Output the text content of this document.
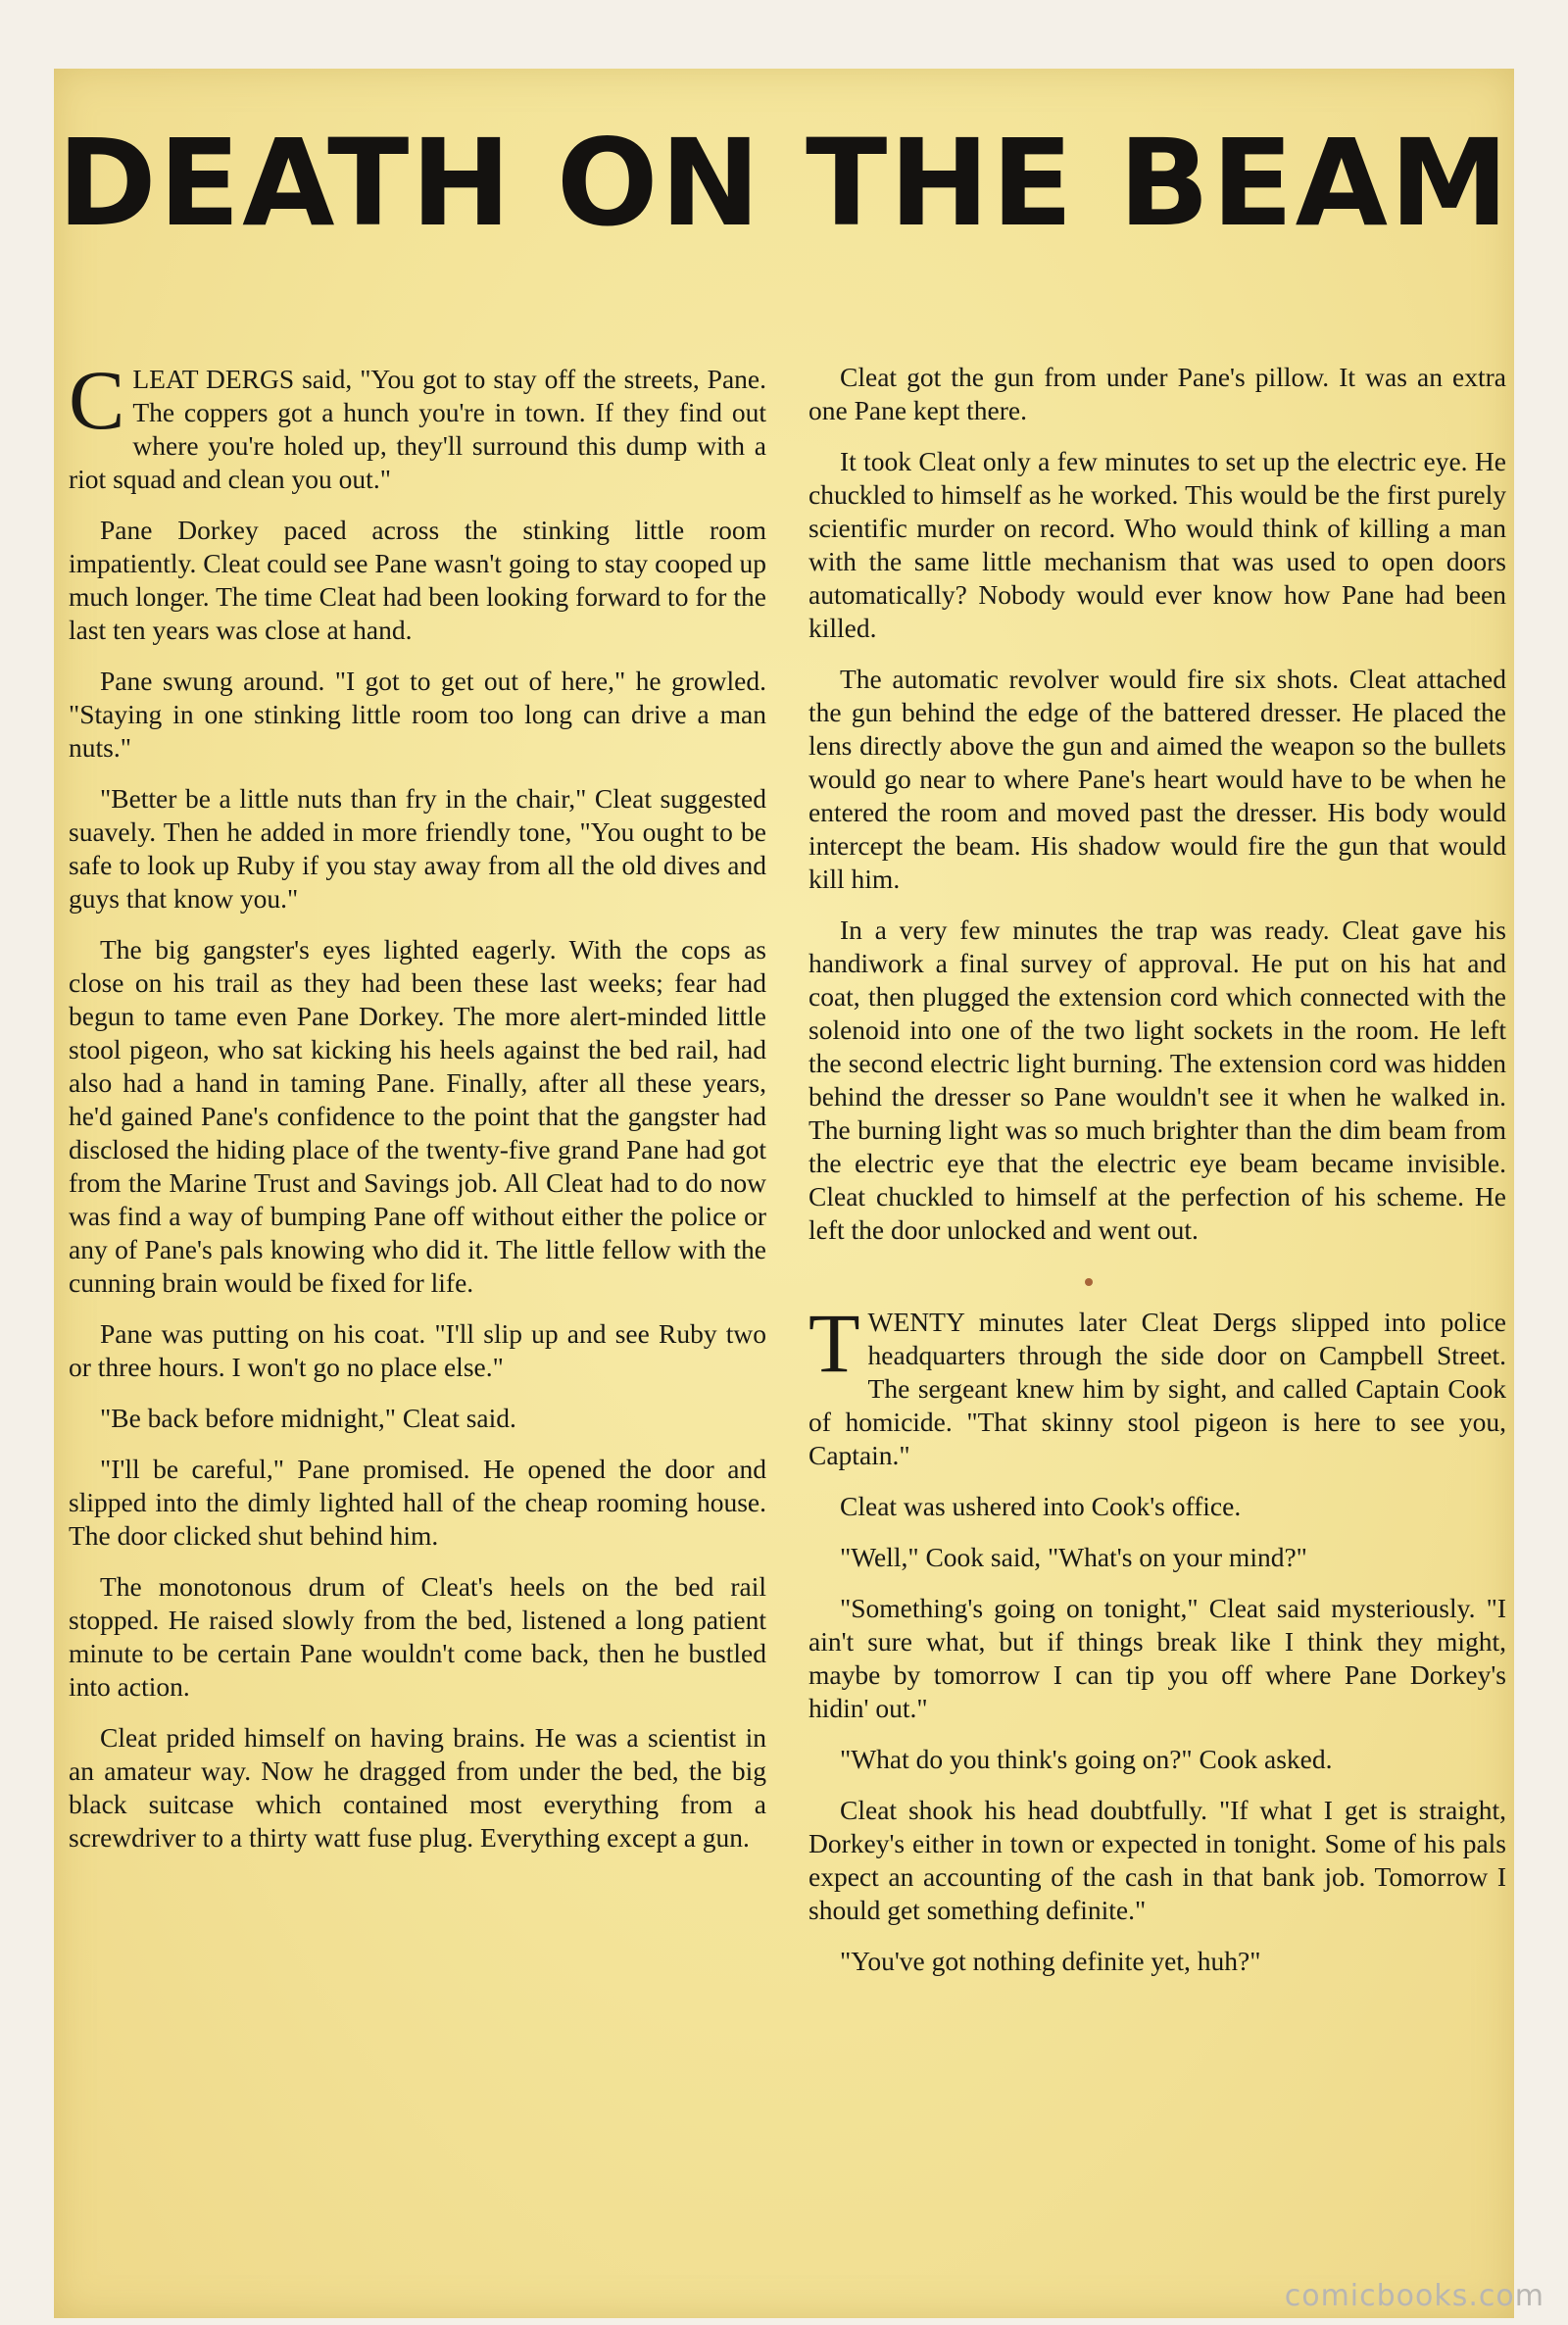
DEATH ON THE BEAM

CLEAT DERGS said, "You got to stay off the streets, Pane. The coppers got a hunch you're in town. If they find out where you're holed up, they'll surround this dump with a riot squad and clean you out."

Pane Dorkey paced across the stinking little room impatiently. Cleat could see Pane wasn't going to stay cooped up much longer. The time Cleat had been looking forward to for the last ten years was close at hand.

Pane swung around. "I got to get out of here," he growled. "Staying in one stinking little room too long can drive a man nuts."

"Better be a little nuts than fry in the chair," Cleat suggested suavely. Then he added in more friendly tone, "You ought to be safe to look up Ruby if you stay away from all the old dives and guys that know you."

The big gangster's eyes lighted eagerly. With the cops as close on his trail as they had been these last weeks; fear had begun to tame even Pane Dorkey. The more alert-minded little stool pigeon, who sat kicking his heels against the bed rail, had also had a hand in taming Pane. Finally, after all these years, he'd gained Pane's confidence to the point that the gangster had disclosed the hiding place of the twenty-five grand Pane had got from the Marine Trust and Savings job. All Cleat had to do now was find a way of bumping Pane off without either the police or any of Pane's pals knowing who did it. The little fellow with the cunning brain would be fixed for life.

Pane was putting on his coat. "I'll slip up and see Ruby two or three hours. I won't go no place else."

"Be back before midnight," Cleat said.

"I'll be careful," Pane promised. He opened the door and slipped into the dimly lighted hall of the cheap rooming house. The door clicked shut behind him.

The monotonous drum of Cleat's heels on the bed rail stopped. He raised slowly from the bed, listened a long patient minute to be certain Pane wouldn't come back, then he bustled into action.

Cleat prided himself on having brains. He was a scientist in an amateur way. Now he dragged from under the bed, the big black suitcase which contained most everything from a screwdriver to a thirty watt fuse plug. Everything except a gun.

Cleat got the gun from under Pane's pillow. It was an extra one Pane kept there.

It took Cleat only a few minutes to set up the electric eye. He chuckled to himself as he worked. This would be the first purely scientific murder on record. Who would think of killing a man with the same little mechanism that was used to open doors automatically? Nobody would ever know how Pane had been killed.

The automatic revolver would fire six shots. Cleat attached the gun behind the edge of the battered dresser. He placed the lens directly above the gun and aimed the weapon so the bullets would go near to where Pane's heart would have to be when he entered the room and moved past the dresser. His body would intercept the beam. His shadow would fire the gun that would kill him.

In a very few minutes the trap was ready. Cleat gave his handiwork a final survey of approval. He put on his hat and coat, then plugged the extension cord which connected with the solenoid into one of the two light sockets in the room. He left the second electric light burning. The extension cord was hidden behind the dresser so Pane wouldn't see it when he walked in. The burning light was so much brighter than the dim beam from the electric eye that the electric eye beam became invisible. Cleat chuckled to himself at the perfection of his scheme. He left the door unlocked and went out.

TWENTY minutes later Cleat Dergs slipped into police headquarters through the side door on Campbell Street. The sergeant knew him by sight, and called Captain Cook of homicide. "That skinny stool pigeon is here to see you, Captain."

Cleat was ushered into Cook's office.

"Well," Cook said, "What's on your mind?"

"Something's going on tonight," Cleat said mysteriously. "I ain't sure what, but if things break like I think they might, maybe by tomorrow I can tip you off where Pane Dorkey's hidin' out."

"What do you think's going on?" Cook asked.

Cleat shook his head doubtfully. "If what I get is straight, Dorkey's either in town or expected in tonight. Some of his pals expect an accounting of the cash in that bank job. Tomorrow I should get something definite."

"You've got nothing definite yet, huh?"

comicbooks.com
